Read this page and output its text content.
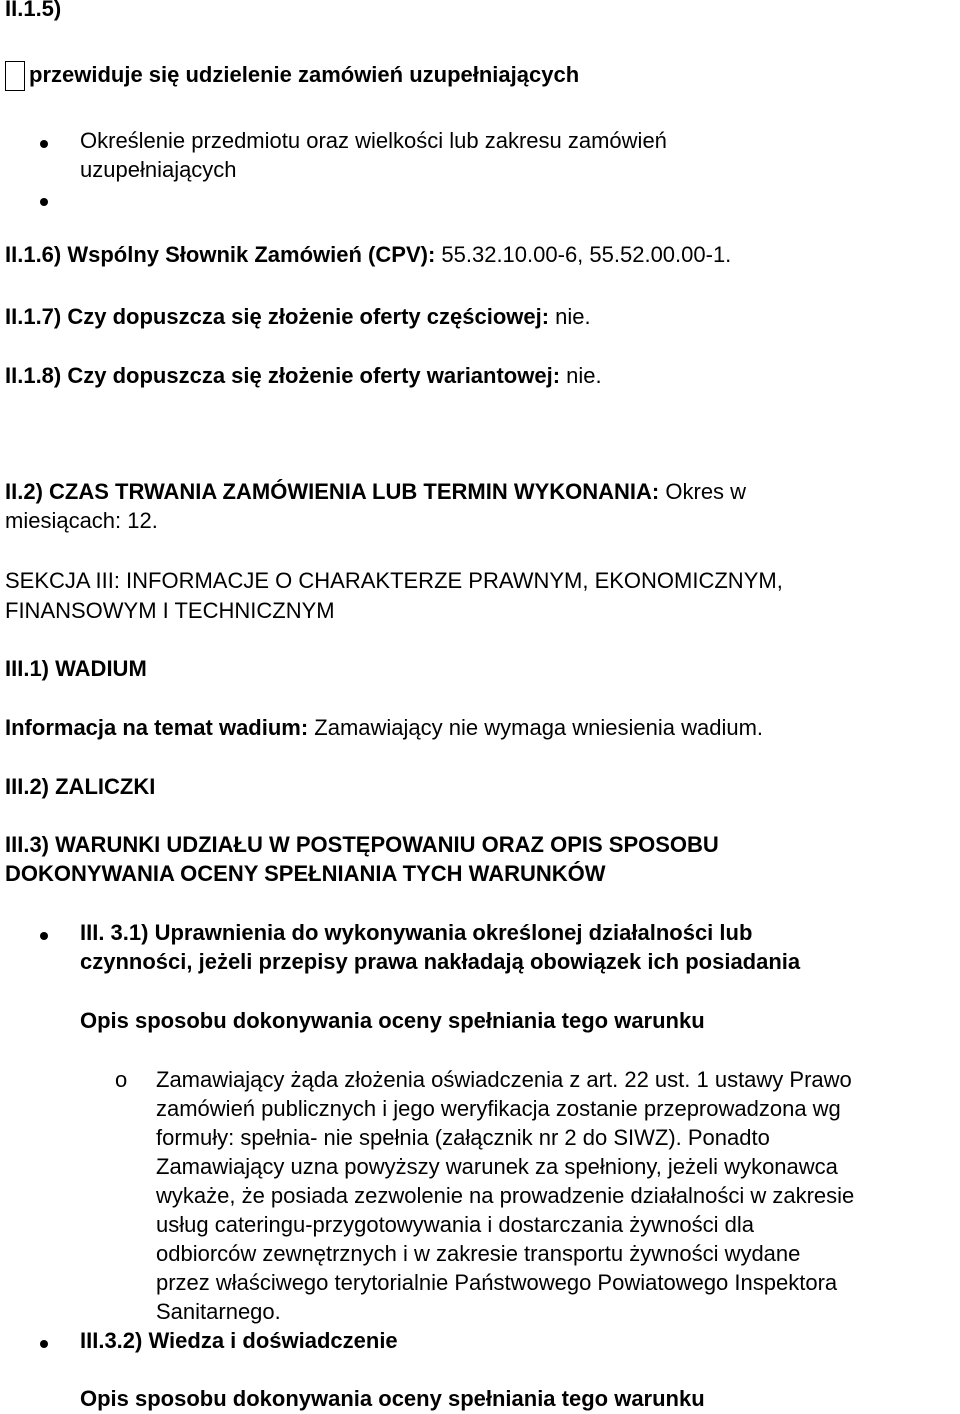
II.1.5)
przewiduje się udzielenie zamówień uzupełniających
Określenie przedmiotu oraz wielkości lub zakresu zamówień
uzupełniających
II.1.6) Wspólny Słownik Zamówień (CPV): 55.32.10.00-6, 55.52.00.00-1.
II.1.7) Czy dopuszcza się złożenie oferty częściowej: nie.
II.1.8) Czy dopuszcza się złożenie oferty wariantowej: nie.
II.2) CZAS TRWANIA ZAMÓWIENIA LUB TERMIN WYKONANIA: Okres w
miesiącach: 12.
SEKCJA III: INFORMACJE O CHARAKTERZE PRAWNYM, EKONOMICZNYM,
FINANSOWYM I TECHNICZNYM
III.1) WADIUM
Informacja na temat wadium: Zamawiający nie wymaga wniesienia wadium.
III.2) ZALICZKI
III.3) WARUNKI UDZIAŁU W POSTĘPOWANIU ORAZ OPIS SPOSOBU
DOKONYWANIA OCENY SPEŁNIANIA TYCH WARUNKÓW
III. 3.1) Uprawnienia do wykonywania określonej działalności lub
czynności, jeżeli przepisy prawa nakładają obowiązek ich posiadania
Opis sposobu dokonywania oceny spełniania tego warunku
o Zamawiający żąda złożenia oświadczenia z art. 22 ust. 1 ustawy Prawo
zamówień publicznych i jego weryfikacja zostanie przeprowadzona wg
formuły: spełnia- nie spełnia (załącznik nr 2 do SIWZ). Ponadto
Zamawiający uzna powyższy warunek za spełniony, jeżeli wykonawca
wykaże, że posiada zezwolenie na prowadzenie działalności w zakresie
usług cateringu-przygotowywania i dostarczania żywności dla
odbiorców zewnętrznych i w zakresie transportu żywności wydane
przez właściwego terytorialnie Państwowego Powiatowego Inspektora
Sanitarnego.
III.3.2) Wiedza i doświadczenie
Opis sposobu dokonywania oceny spełniania tego warunku
